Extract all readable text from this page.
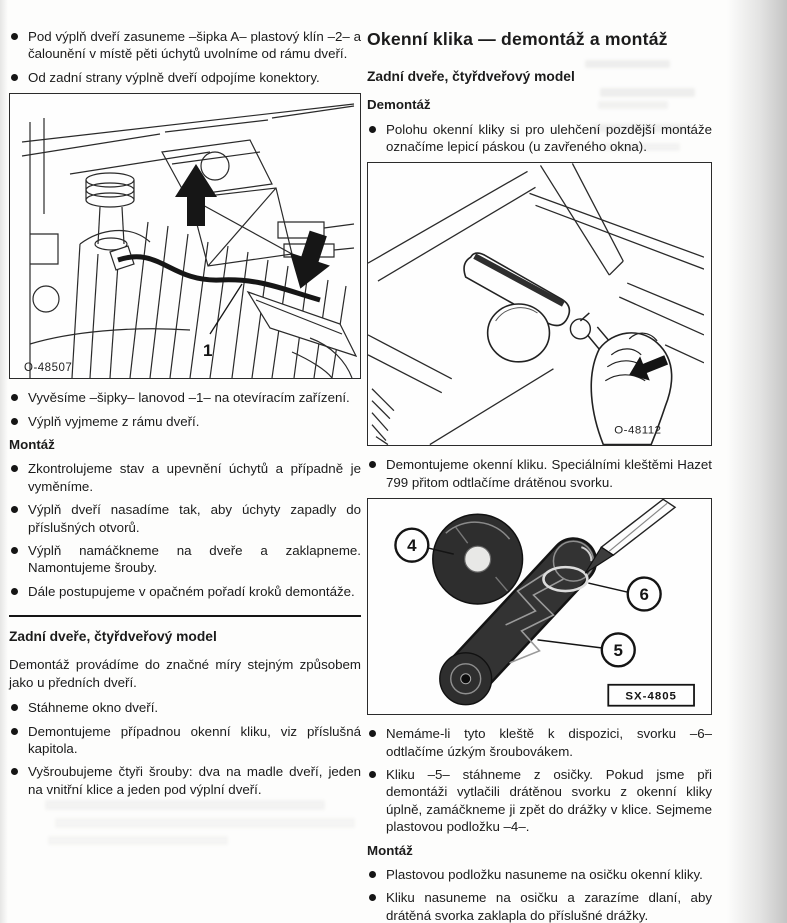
Pod výplň dveří zasuneme –šipka A– plastový klín –2– a čalounění v místě pěti úchytů uvolníme od rámu dveří.
Od zadní strany výplně dveří odpojíme konektory.
1
O-48507
Vyvěsíme –šipky– lanovod –1– na otevíracím zařízení.
Výplň vyjmeme z rámu dveří.
Montáž
Zkontrolujeme stav a upevnění úchytů a případně je vyměníme.
Výplň dveří nasadíme tak, aby úchyty zapadly do příslušných otvorů.
Výplň namáčkneme na dveře a zaklapneme. Namontujeme šrouby.
Dále postupujeme v opačném pořadí kroků demontáže.
Zadní dveře, čtyřdveřový model

Demontáž provádíme do značné míry stejným způsobem jako u předních dveří.

Stáhneme okno dveří.
Demontujeme případnou okenní kliku, viz příslušná kapitola.
Vyšroubujeme čtyři šrouby: dva na madle dveří, jeden na vnitřní klice a jeden pod výplní dveří.
Okenní klika — demontáž a montáž
Zadní dveře, čtyřdveřový model
Demontáž
Polohu okenní kliky si pro ulehčení pozdější montáže označíme lepicí páskou (u zavřeného okna).
O-48112
Demontujeme okenní kliku. Speciálními kleštěmi Hazet 799 přitom odtlačíme drátěnou svorku.
4
6
5
SX-4805
Nemáme-li tyto kleště k dispozici, svorku –6– odtlačíme úzkým šroubovákem.
Kliku –5– stáhneme z osičky. Pokud jsme při demontáži vytlačili drátěnou svorku z okenní kliky úplně, zamáčkneme ji zpět do drážky v klice. Sejmeme plastovou podložku –4–.
Montáž
Plastovou podložku nasuneme na osičku okenní kliky.
Kliku nasuneme na osičku a zarazíme dlaní, aby drátěná svorka zaklapla do příslušné drážky.
